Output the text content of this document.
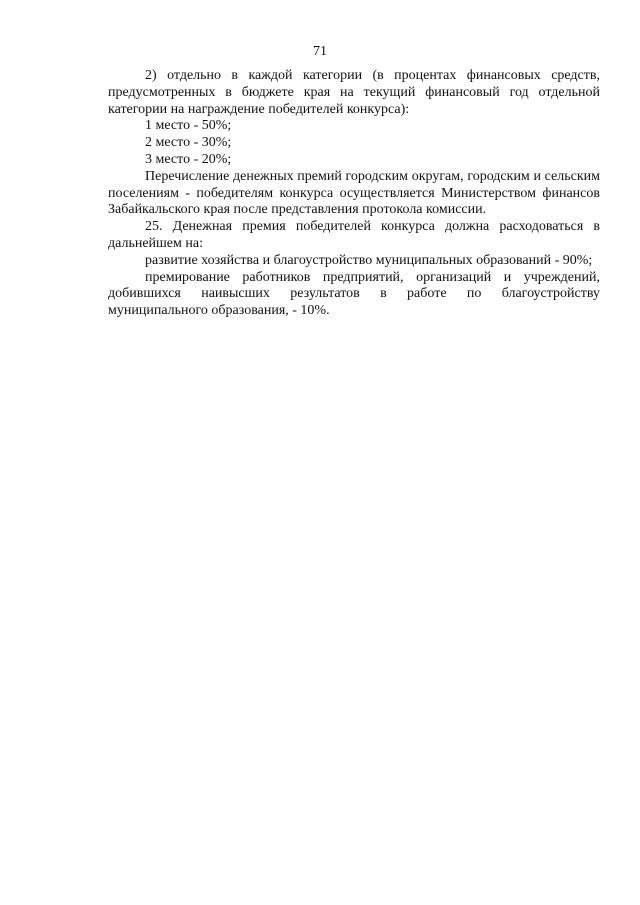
71

2) отдельно в каждой категории (в процентах финансовых средств, предусмотренных в бюджете края на текущий финансовый год отдельной категории на награждение победителей конкурса):

1 место - 50%;

2 место - 30%;

3 место - 20%;

Перечисление денежных премий городским округам, городским и сельским поселениям - победителям конкурса осуществляется Министерством финансов Забайкальского края после представления протокола комиссии.

25. Денежная премия победителей конкурса должна расходоваться в дальнейшем на:

развитие хозяйства и благоустройство муниципальных образований - 90%;

премирование работников предприятий, организаций и учреждений, добившихся наивысших результатов в работе по благоустройству муниципального образования, - 10%.
